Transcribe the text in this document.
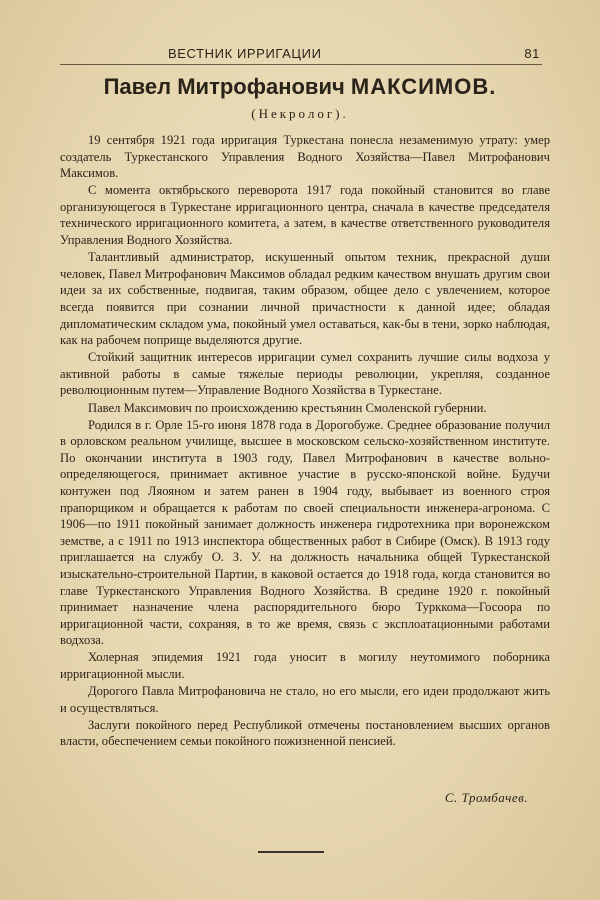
ВЕСТНИК ИРРИГАЦИИ	81
Павел Митрофанович МАКСИМОВ.
(Некролог).

19 сентября 1921 года ирригация Туркестана понесла незаменимую утрату: умер создатель Туркестанского Управления Водного Хозяйства—Павел Митрофанович Максимов.

С момента октябрьского переворота 1917 года покойный становится во главе организующегося в Туркестане ирригационного центра, сначала в качестве председателя технического ирригационного комитета, а затем, в качестве ответственного руководителя Управления Водного Хозяйства.

Талантливый администратор, искушенный опытом техник, прекрасной души человек, Павел Митрофанович Максимов обладал редким качеством внушать другим свои идеи за их собственные, подвигая, таким образом, общее дело с увлечением, которое всегда появится при сознании личной причастности к данной идее; обладая дипломатическим складом ума, покойный умел оставаться, как-бы в тени, зорко наблюдая, как на рабочем поприще выделяются другие.

Стойкий защитник интересов ирригации сумел сохранить лучшие силы водхоза у активной работы в самые тяжелые периоды революции, укрепляя, созданное революционным путем—Управление Водного Хозяйства в Туркестане.

Павел Максимович по происхождению крестьянин Смоленской губернии.

Родился в г. Орле 15-го июня 1878 года в Дорогобуже. Среднее образование получил в орловском реальном училище, высшее в московском сельско-хозяйственном институте. По окончании института в 1903 году, Павел Митрофанович в качестве вольно-определяющегося, принимает активное участие в русско-японской войне. Будучи контужен под Ляояном и затем ранен в 1904 году, выбывает из военного строя прапорщиком и обращается к работам по своей специальности инженера-агронома. С 1906—по 1911 покойный занимает должность инженера гидротехника при воронежском земстве, а с 1911 по 1913 инспектора общественных работ в Сибире (Омск). В 1913 году приглашается на службу О. З. У. на должность начальника общей Туркестанской изыскательно-строительной Партии, в каковой остается до 1918 года, когда становится во главе Туркестанского Управления Водного Хозяйства. В средине 1920 г. покойный принимает назначение члена распорядительного бюро Турккомa—Госоора по ирригационной части, сохраняя, в то же время, связь с эксплоатационными работами водхоза.

Холерная эпидемия 1921 года уносит в могилу неутомимого поборника ирригационной мысли.

Дорогого Павла Митрофановича не стало, но его мысли, его идеи продолжают жить и осуществляться.

Заслуги покойного перед Республикой отмечены постановлением высших органов власти, обеспечением семьи покойного пожизненной пенсией.

С. Тромбачев.
